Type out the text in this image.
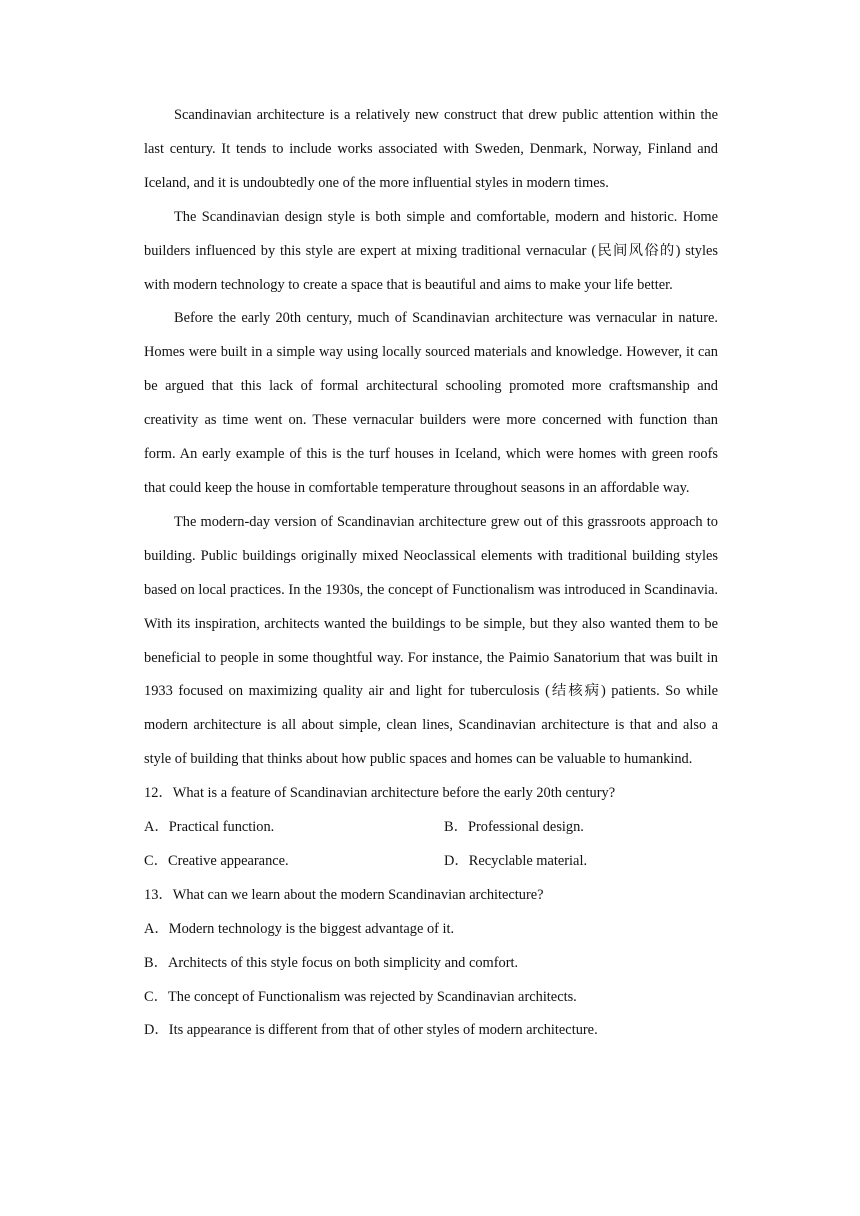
Scandinavian architecture is a relatively new construct that drew public attention within the last century. It tends to include works associated with Sweden, Denmark, Norway, Finland and Iceland, and it is undoubtedly one of the more influential styles in modern times.

The Scandinavian design style is both simple and comfortable, modern and historic. Home builders influenced by this style are expert at mixing traditional vernacular (民间风俗的) styles with modern technology to create a space that is beautiful and aims to make your life better.

Before the early 20th century, much of Scandinavian architecture was vernacular in nature. Homes were built in a simple way using locally sourced materials and knowledge. However, it can be argued that this lack of formal architectural schooling promoted more craftsmanship and creativity as time went on. These vernacular builders were more concerned with function than form. An early example of this is the turf houses in Iceland, which were homes with green roofs that could keep the house in comfortable temperature throughout seasons in an affordable way.

The modern-day version of Scandinavian architecture grew out of this grassroots approach to building. Public buildings originally mixed Neoclassical elements with traditional building styles based on local practices. In the 1930s, the concept of Functionalism was introduced in Scandinavia. With its inspiration, architects wanted the buildings to be simple, but they also wanted them to be beneficial to people in some thoughtful way. For instance, the Paimio Sanatorium that was built in 1933 focused on maximizing quality air and light for tuberculosis (结核病) patients. So while modern architecture is all about simple, clean lines, Scandinavian architecture is that and also a style of building that thinks about how public spaces and homes can be valuable to humankind.

12．What is a feature of Scandinavian architecture before the early 20th century?

A．Practical function.	B．Professional design.
C．Creative appearance.	D．Recyclable material.

13．What can we learn about the modern Scandinavian architecture?

A．Modern technology is the biggest advantage of it.

B．Architects of this style focus on both simplicity and comfort.

C．The concept of Functionalism was rejected by Scandinavian architects.

D．Its appearance is different from that of other styles of modern architecture.
